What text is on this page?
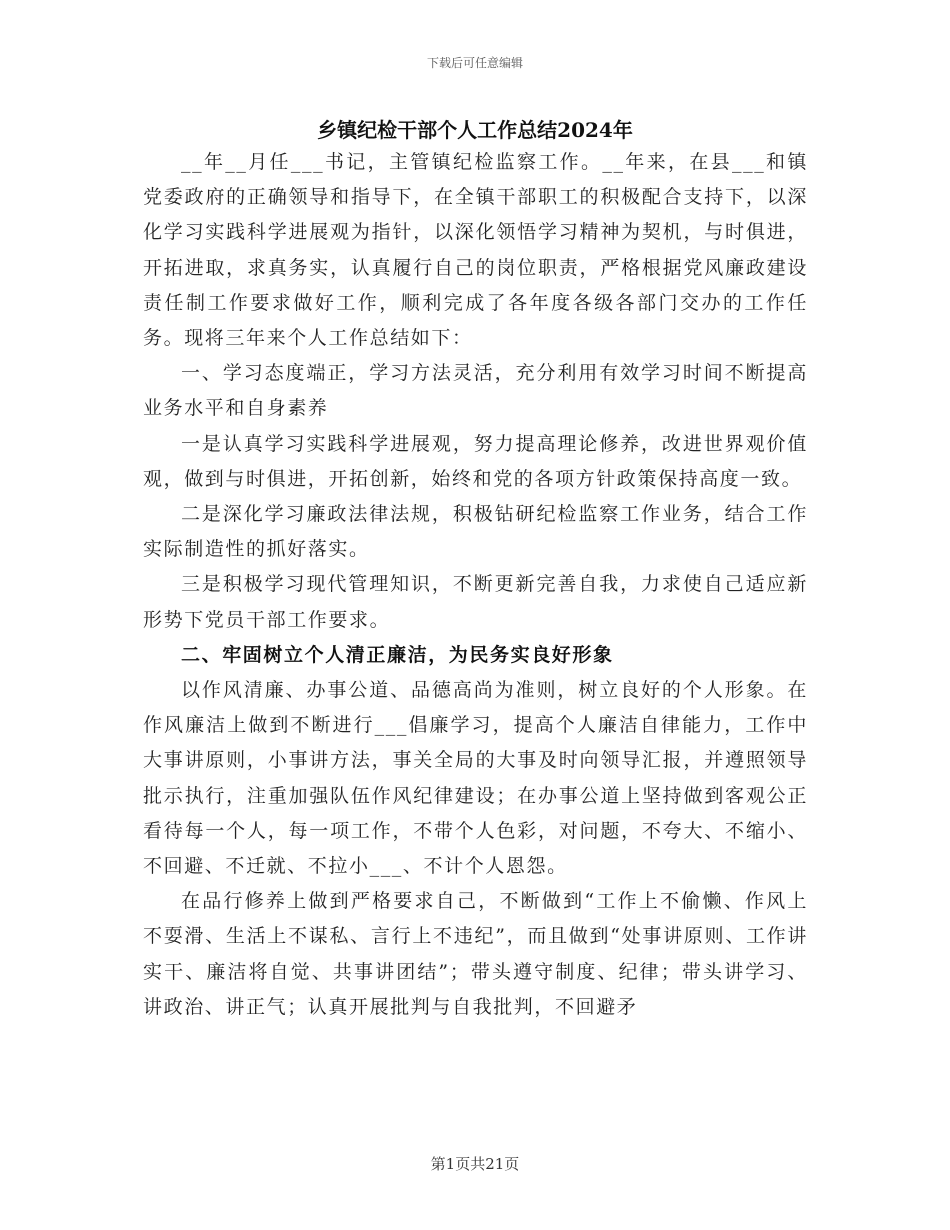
下载后可任意编辑
乡镇纪检干部个人工作总结2024年

__年__月任___书记，主管镇纪检监察工作。__年来，在县___和镇党委政府的正确领导和指导下，在全镇干部职工的积极配合支持下，以深化学习实践科学进展观为指针，以深化领悟学习精神为契机，与时俱进，开拓进取，求真务实，认真履行自己的岗位职责，严格根据党风廉政建设责任制工作要求做好工作，顺利完成了各年度各级各部门交办的工作任务。现将三年来个人工作总结如下：

一、学习态度端正，学习方法灵活，充分利用有效学习时间不断提高业务水平和自身素养

一是认真学习实践科学进展观，努力提高理论修养，改进世界观价值观，做到与时俱进，开拓创新，始终和党的各项方针政策保持高度一致。

二是深化学习廉政法律法规，积极钻研纪检监察工作业务，结合工作实际制造性的抓好落实。

三是积极学习现代管理知识，不断更新完善自我，力求使自己适应新形势下党员干部工作要求。

二、牢固树立个人清正廉洁，为民务实良好形象

以作风清廉、办事公道、品德高尚为准则，树立良好的个人形象。在作风廉洁上做到不断进行___倡廉学习，提高个人廉洁自律能力，工作中大事讲原则，小事讲方法，事关全局的大事及时向领导汇报，并遵照领导批示执行，注重加强队伍作风纪律建设；在办事公道上坚持做到客观公正看待每一个人，每一项工作，不带个人色彩，对问题，不夸大、不缩小、不回避、不迁就、不拉小___、不计个人恩怨。

在品行修养上做到严格要求自己，不断做到“工作上不偷懒、作风上不耍滑、生活上不谋私、言行上不违纪”，而且做到“处事讲原则、工作讲实干、廉洁将自觉、共事讲团结”；带头遵守制度、纪律；带头讲学习、讲政治、讲正气；认真开展批判与自我批判，不回避矛

第1页共21页
